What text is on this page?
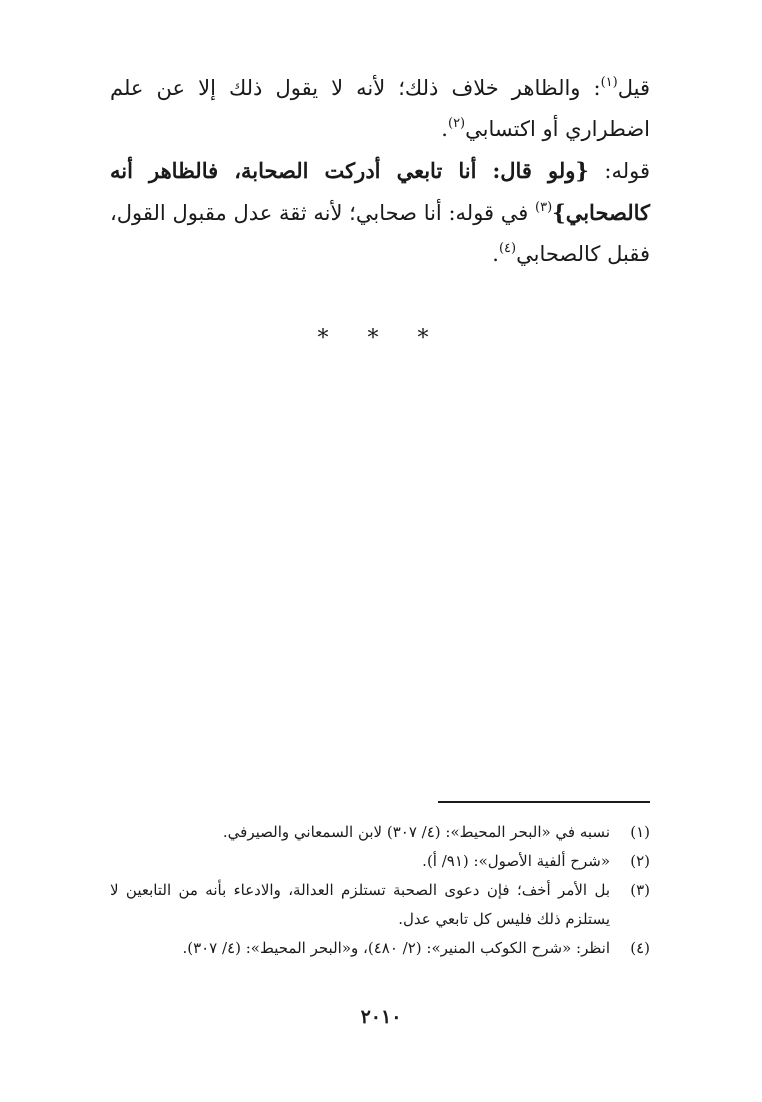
قيل$^{(١)}$: والظاهر خلاف ذلك؛ لأنه لا يقول ذلك إلا عن علم اضطراري أو اكتسابي$^{(٢)}$.

قوله: {ولو قال: أنا تابعي أدركت الصحابة، فالظاهر أنه كالصحابي}$^{(٣)}$ في قوله: أنا صحابي؛ لأنه ثقة عدل مقبول القول، فقبل كالصحابي$^{(٤)}$.

* * *
(١)
نسبه في «البحر المحيط»: (٤/ ٣٠٧) لابن السمعاني والصيرفي.
(٢)
«شرح ألفية الأصول»: (٩١/ أ).
(٣)
بل الأمر أخف؛ فإن دعوى الصحبة تستلزم العدالة، والادعاء بأنه من التابعين لا يستلزم ذلك فليس كل تابعي عدل.
(٤)
انظر: «شرح الكوكب المنير»: (٢/ ٤٨٠)، و«البحر المحيط»: (٤/ ٣٠٧).
٢٠١٠
